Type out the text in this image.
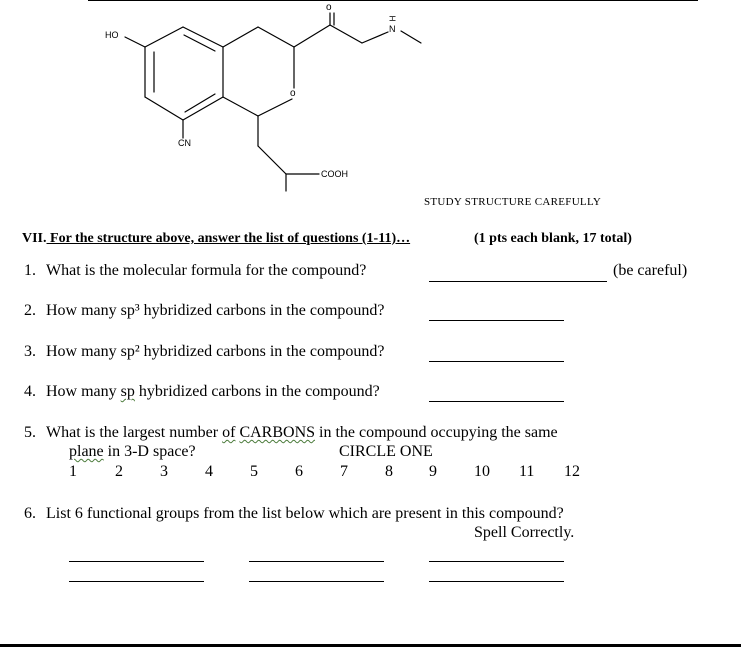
HO
CN
o
o
H
N
COOH
STUDY STRUCTURE CAREFULLY
VII. For the structure above, answer the list of questions (1-11)…	(1 pts each blank, 17 total)
1. What is the molecular formula for the compound?	(be careful)
2. How many sp³ hybridized carbons in the compound?
3. How many sp² hybridized carbons in the compound?
4. How many sp hybridized carbons in the compound?
5. What is the largest number of CARBONS in the compound occupying the same
plane in 3-D space?	CIRCLE ONE
1 2 3 4 5 6 7 8 9 10 11 12
6. List 6 functional groups from the list below which are present in this compound?
Spell Correctly.
